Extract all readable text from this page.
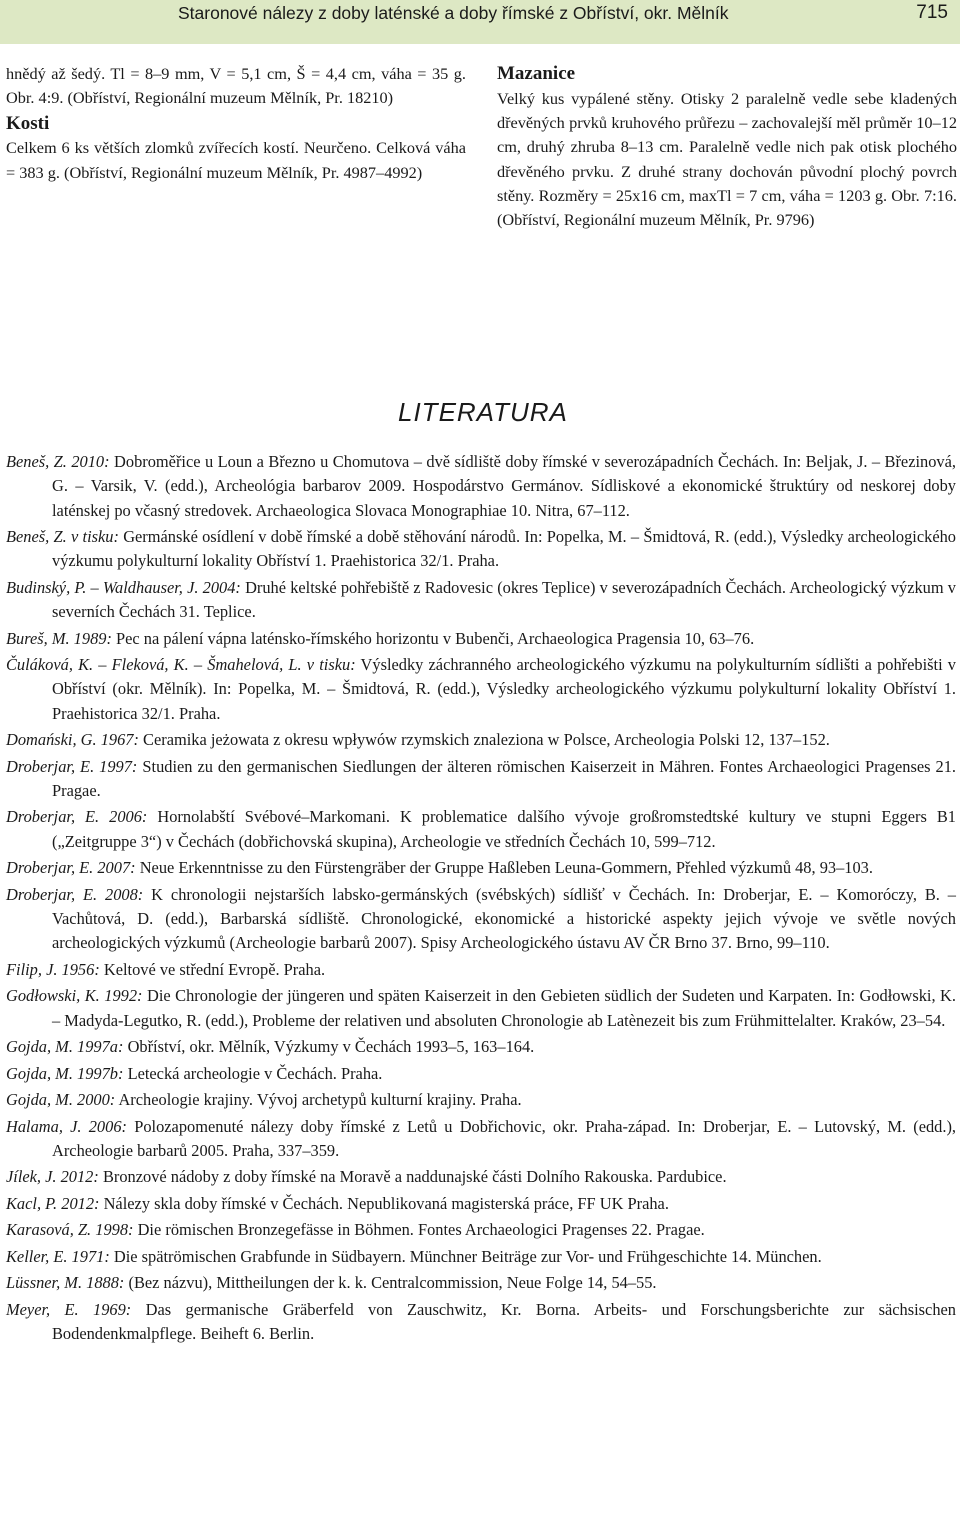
Staronové nálezy z doby laténské a doby římské z Obříství, okr. Mělník	715

hnědý až šedý. Tl = 8–9 mm, V = 5,1 cm, Š = 4,4 cm, váha = 35 g. Obr. 4:9. (Obříství, Regionální muzeum Mělník, Pr. 18210)

Kosti

Celkem 6 ks větších zlomků zvířecích kostí. Neurčeno. Celková váha = 383 g. (Obříství, Regionální muzeum Mělník, Pr. 4987–4992)

Mazanice

Velký kus vypálené stěny. Otisky 2 paralelně vedle sebe kladených dřevěných prvků kruhového průřezu – zachovalejší měl průměr 10–12 cm, druhý zhruba 8–13 cm. Paralelně vedle nich pak otisk plochého dřevěného prvku. Z druhé strany dochován původní plochý povrch stěny. Rozměry = 25x16 cm, maxTl = 7 cm, váha = 1203 g. Obr. 7:16. (Obříství, Regionální muzeum Mělník, Pr. 9796)

LITERATURA

Beneš, Z. 2010: Dobroměřice u Loun a Březno u Chomutova – dvě sídliště doby římské v severozápadních Čechách. In: Beljak, J. – Březinová, G. – Varsik, V. (edd.), Archeológia barbarov 2009. Hospodárstvo Germánov. Sídliskové a ekonomické štruktúry od neskorej doby laténskej po včasný stredovek. Archaeologica Slovaca Monographiae 10. Nitra, 67–112.

Beneš, Z. v tisku: Germánské osídlení v době římské a době stěhování národů. In: Popelka, M. – Šmidtová, R. (edd.), Výsledky archeologického výzkumu polykulturní lokality Obříství 1. Praehistorica 32/1. Praha.

Budinský, P. – Waldhauser, J. 2004: Druhé keltské pohřebiště z Radovesic (okres Teplice) v severozápadních Čechách. Archeologický výzkum v severních Čechách 31. Teplice.

Bureš, M. 1989: Pec na pálení vápna laténsko-římského horizontu v Bubenči, Archaeologica Pragensia 10, 63–76.

Čuláková, K. – Fleková, K. – Šmahelová, L. v tisku: Výsledky záchranného archeologického výzkumu na polykulturním sídlišti a pohřebišti v Obříství (okr. Mělník). In: Popelka, M. – Šmidtová, R. (edd.), Výsledky archeologického výzkumu polykulturní lokality Obříství 1. Praehistorica 32/1. Praha.

Domański, G. 1967: Ceramika jeżowata z okresu wpływów rzymskich znaleziona w Polsce, Archeologia Polski 12, 137–152.

Droberjar, E. 1997: Studien zu den germanischen Siedlungen der älteren römischen Kaiserzeit in Mähren. Fontes Archaeologici Pragenses 21. Pragae.

Droberjar, E. 2006: Hornolabští Svébové–Markomani. K problematice dalšího vývoje großromstedtské kultury ve stupni Eggers B1 („Zeitgruppe 3“) v Čechách (dobřichovská skupina), Archeologie ve středních Čechách 10, 599–712.

Droberjar, E. 2007: Neue Erkenntnisse zu den Fürstengräber der Gruppe Haßleben Leuna-Gommern, Přehled výzkumů 48, 93–103.

Droberjar, E. 2008: K chronologii nejstarších labsko-germánských (svébských) sídlišť v Čechách. In: Droberjar, E. – Komoróczy, B. – Vachůtová, D. (edd.), Barbarská sídliště. Chronologické, ekonomické a historické aspekty jejich vývoje ve světle nových archeologických výzkumů (Archeologie barbarů 2007). Spisy Archeologického ústavu AV ČR Brno 37. Brno, 99–110.

Filip, J. 1956: Keltové ve střední Evropě. Praha.

Godłowski, K. 1992: Die Chronologie der jüngeren und späten Kaiserzeit in den Gebieten südlich der Sudeten und Karpaten. In: Godłowski, K. – Madyda-Legutko, R. (edd.), Probleme der relativen und absoluten Chronologie ab Latènezeit bis zum Frühmittelalter. Kraków, 23–54.

Gojda, M. 1997a: Obříství, okr. Mělník, Výzkumy v Čechách 1993–5, 163–164.

Gojda, M. 1997b: Letecká archeologie v Čechách. Praha.

Gojda, M. 2000: Archeologie krajiny. Vývoj archetypů kulturní krajiny. Praha.

Halama, J. 2006: Polozapomenuté nálezy doby římské z Letů u Dobřichovic, okr. Praha-západ. In: Droberjar, E. – Lutovský, M. (edd.), Archeologie barbarů 2005. Praha, 337–359.

Jílek, J. 2012: Bronzové nádoby z doby římské na Moravě a naddunajské části Dolního Rakouska. Pardubice.

Kacl, P. 2012: Nálezy skla doby římské v Čechách. Nepublikovaná magisterská práce, FF UK Praha.

Karasová, Z. 1998: Die römischen Bronzegefässe in Böhmen. Fontes Archaeologici Pragenses 22. Pragae.

Keller, E. 1971: Die spätrömischen Grabfunde in Südbayern. Münchner Beiträge zur Vor- und Frühgeschichte 14. München.

Lüssner, M. 1888: (Bez názvu), Mittheilungen der k. k. Centralcommission, Neue Folge 14, 54–55.

Meyer, E. 1969: Das germanische Gräberfeld von Zauschwitz, Kr. Borna. Arbeits- und Forschungsberichte zur sächsischen Bodendenkmalpflege. Beiheft 6. Berlin.
